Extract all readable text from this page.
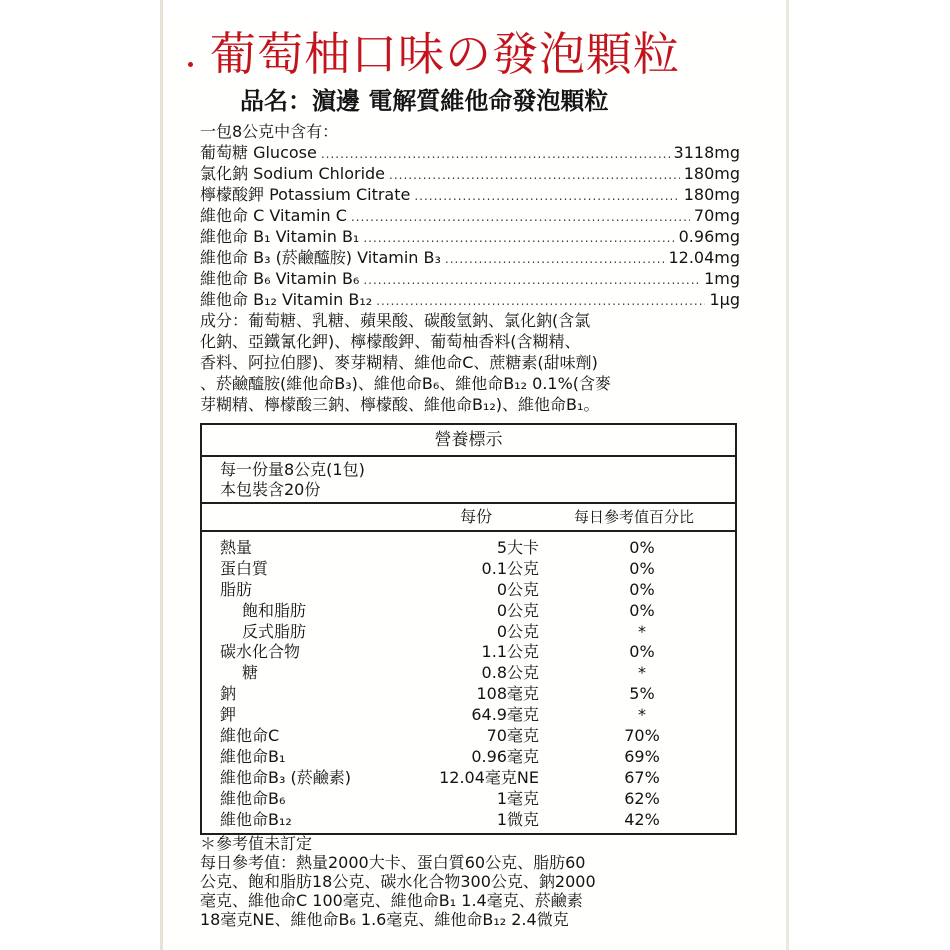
葡萄柚口味の發泡顆粒
品名：濵邊 電解質維他命發泡顆粒
一包8公克中含有：
葡萄糖 Glucose .....	3118mg
氯化鈉 Sodium Chloride .....	180mg
檸檬酸鉀 Potassium Citrate .....	180mg
維他命 C Vitamin C .....	70mg
維他命 B₁ Vitamin B₁ .....	0.96mg
維他命 B₃ (菸鹼醯胺) Vitamin B₃ .....	12.04mg
維他命 B₆ Vitamin B₆ .....	1mg
維他命 B₁₂ Vitamin B₁₂ .....	1μg
成分：葡萄糖、乳糖、蘋果酸、碳酸氫鈉、氯化鈉(含氯
化鈉、亞鐵氰化鉀)、檸檬酸鉀、葡萄柚香料(含糊精、
香料、阿拉伯膠)、麥芽糊精、維他命C、蔗糖素(甜味劑)
、菸鹼醯胺(維他命B₃)、維他命B₆、維他命B₁₂ 0.1%(含麥
芽糊精、檸檬酸三鈉、檸檬酸、維他命B₁₂)、維他命B₁。
營養標示
每一份量8公克(1包)
本包裝含20份
每份	每日參考值百分比
熱量	5大卡	0%
蛋白質	0.1公克	0%
脂肪	0公克	0%
飽和脂肪	0公克	0%
反式脂肪	0公克	*
碳水化合物	1.1公克	0%
糖	0.8公克	*
鈉	108毫克	5%
鉀	64.9毫克	*
維他命C	70毫克	70%
維他命B₁	0.96毫克	69%
維他命B₃ (菸鹼素)	12.04毫克NE	67%
維他命B₆	1毫克	62%
維他命B₁₂	1微克	42%
＊參考值未訂定
每日參考值：熱量2000大卡、蛋白質60公克、脂肪60
公克、飽和脂肪18公克、碳水化合物300公克、鈉2000
毫克、維他命C 100毫克、維他命B₁ 1.4毫克、菸鹼素
18毫克NE、維他命B₆ 1.6毫克、維他命B₁₂ 2.4微克
